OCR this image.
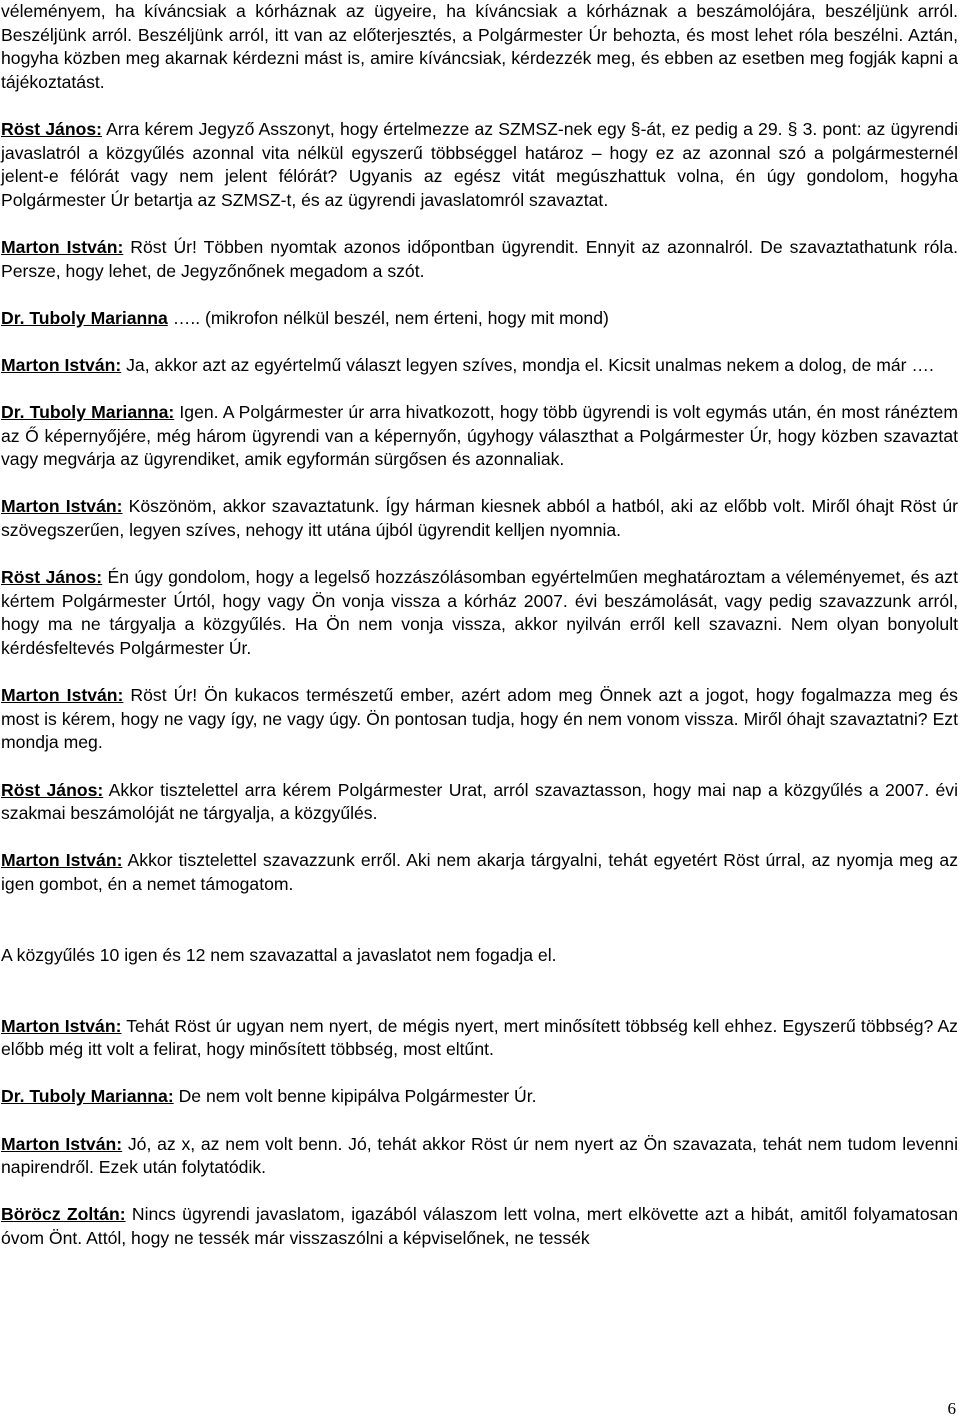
véleményem, ha kíváncsiak a kórháznak az ügyeire, ha kíváncsiak a kórháznak a beszámolójára, beszéljünk arról. Beszéljünk arról. Beszéljünk arról, itt van az előterjesztés, a Polgármester Úr behozta, és most lehet róla beszélni. Aztán, hogyha közben meg akarnak kérdezni mást is, amire kíváncsiak, kérdezzék meg, és ebben az esetben meg fogják kapni a tájékoztatást.

Röst János: Arra kérem Jegyző Asszonyt, hogy értelmezze az SZMSZ-nek egy §-át, ez pedig a 29. § 3. pont: az ügyrendi javaslatról a közgyűlés azonnal vita nélkül egyszerű többséggel határoz – hogy ez az azonnal szó a polgármesternél jelent-e félórát vagy nem jelent félórát? Ugyanis az egész vitát megúszhattuk volna, én úgy gondolom, hogyha Polgármester Úr betartja az SZMSZ-t, és az ügyrendi javaslatomról szavaztat.

Marton István: Röst Úr! Többen nyomtak azonos időpontban ügyrendit. Ennyit az azonnalról. De szavaztathatunk róla. Persze, hogy lehet, de Jegyzőnőnek megadom a szót.

Dr. Tuboly Marianna ….. (mikrofon nélkül beszél, nem érteni, hogy mit mond)

Marton István: Ja, akkor azt az egyértelmű választ legyen szíves, mondja el. Kicsit unalmas nekem a dolog, de már ….

Dr. Tuboly Marianna: Igen. A Polgármester úr arra hivatkozott, hogy több ügyrendi is volt egymás után, én most ránéztem az Ő képernyőjére, még három ügyrendi van a képernyőn, úgyhogy választhat a Polgármester Úr, hogy közben szavaztat vagy megvárja az ügyrendiket, amik egyformán sürgősen és azonnaliak.

Marton István: Köszönöm, akkor szavaztatunk. Így hárman kiesnek abból a hatból, aki az előbb volt. Miről óhajt Röst úr szövegszerűen, legyen szíves, nehogy itt utána újból ügyrendit kelljen nyomnia.

Röst János: Én úgy gondolom, hogy a legelső hozzászólásomban egyértelműen meghatároztam a véleményemet, és azt kértem Polgármester Úrtól, hogy vagy Ön vonja vissza a kórház 2007. évi beszámolását, vagy pedig szavazzunk arról, hogy ma ne tárgyalja a közgyűlés. Ha Ön nem vonja vissza, akkor nyilván erről kell szavazni. Nem olyan bonyolult kérdésfeltevés Polgármester Úr.

Marton István: Röst Úr! Ön kukacos természetű ember, azért adom meg Önnek azt a jogot, hogy fogalmazza meg és most is kérem, hogy ne vagy így, ne vagy úgy. Ön pontosan tudja, hogy én nem vonom vissza. Miről óhajt szavaztatni? Ezt mondja meg.

Röst János: Akkor tisztelettel arra kérem Polgármester Urat, arról szavaztasson, hogy mai nap a közgyűlés a 2007. évi szakmai beszámolóját ne tárgyalja, a közgyűlés.

Marton István: Akkor tisztelettel szavazzunk erről. Aki nem akarja tárgyalni, tehát egyetért Röst úrral, az nyomja meg az igen gombot, én a nemet támogatom.

A közgyűlés 10 igen és 12 nem szavazattal a javaslatot nem fogadja el.

Marton István: Tehát Röst úr ugyan nem nyert, de mégis nyert, mert minősített többség kell ehhez. Egyszerű többség? Az előbb még itt volt a felirat, hogy minősített többség, most eltűnt.

Dr. Tuboly Marianna: De nem volt benne kipipálva Polgármester Úr.

Marton István: Jó, az x, az nem volt benn. Jó, tehát akkor Röst úr nem nyert az Ön szavazata, tehát nem tudom levenni napirendről. Ezek után folytatódik.

Böröcz Zoltán: Nincs ügyrendi javaslatom, igazából válaszom lett volna, mert elkövette azt a hibát, amitől folyamatosan óvom Önt. Attól, hogy ne tessék már visszaszólni a képviselőnek, ne tessék

6
